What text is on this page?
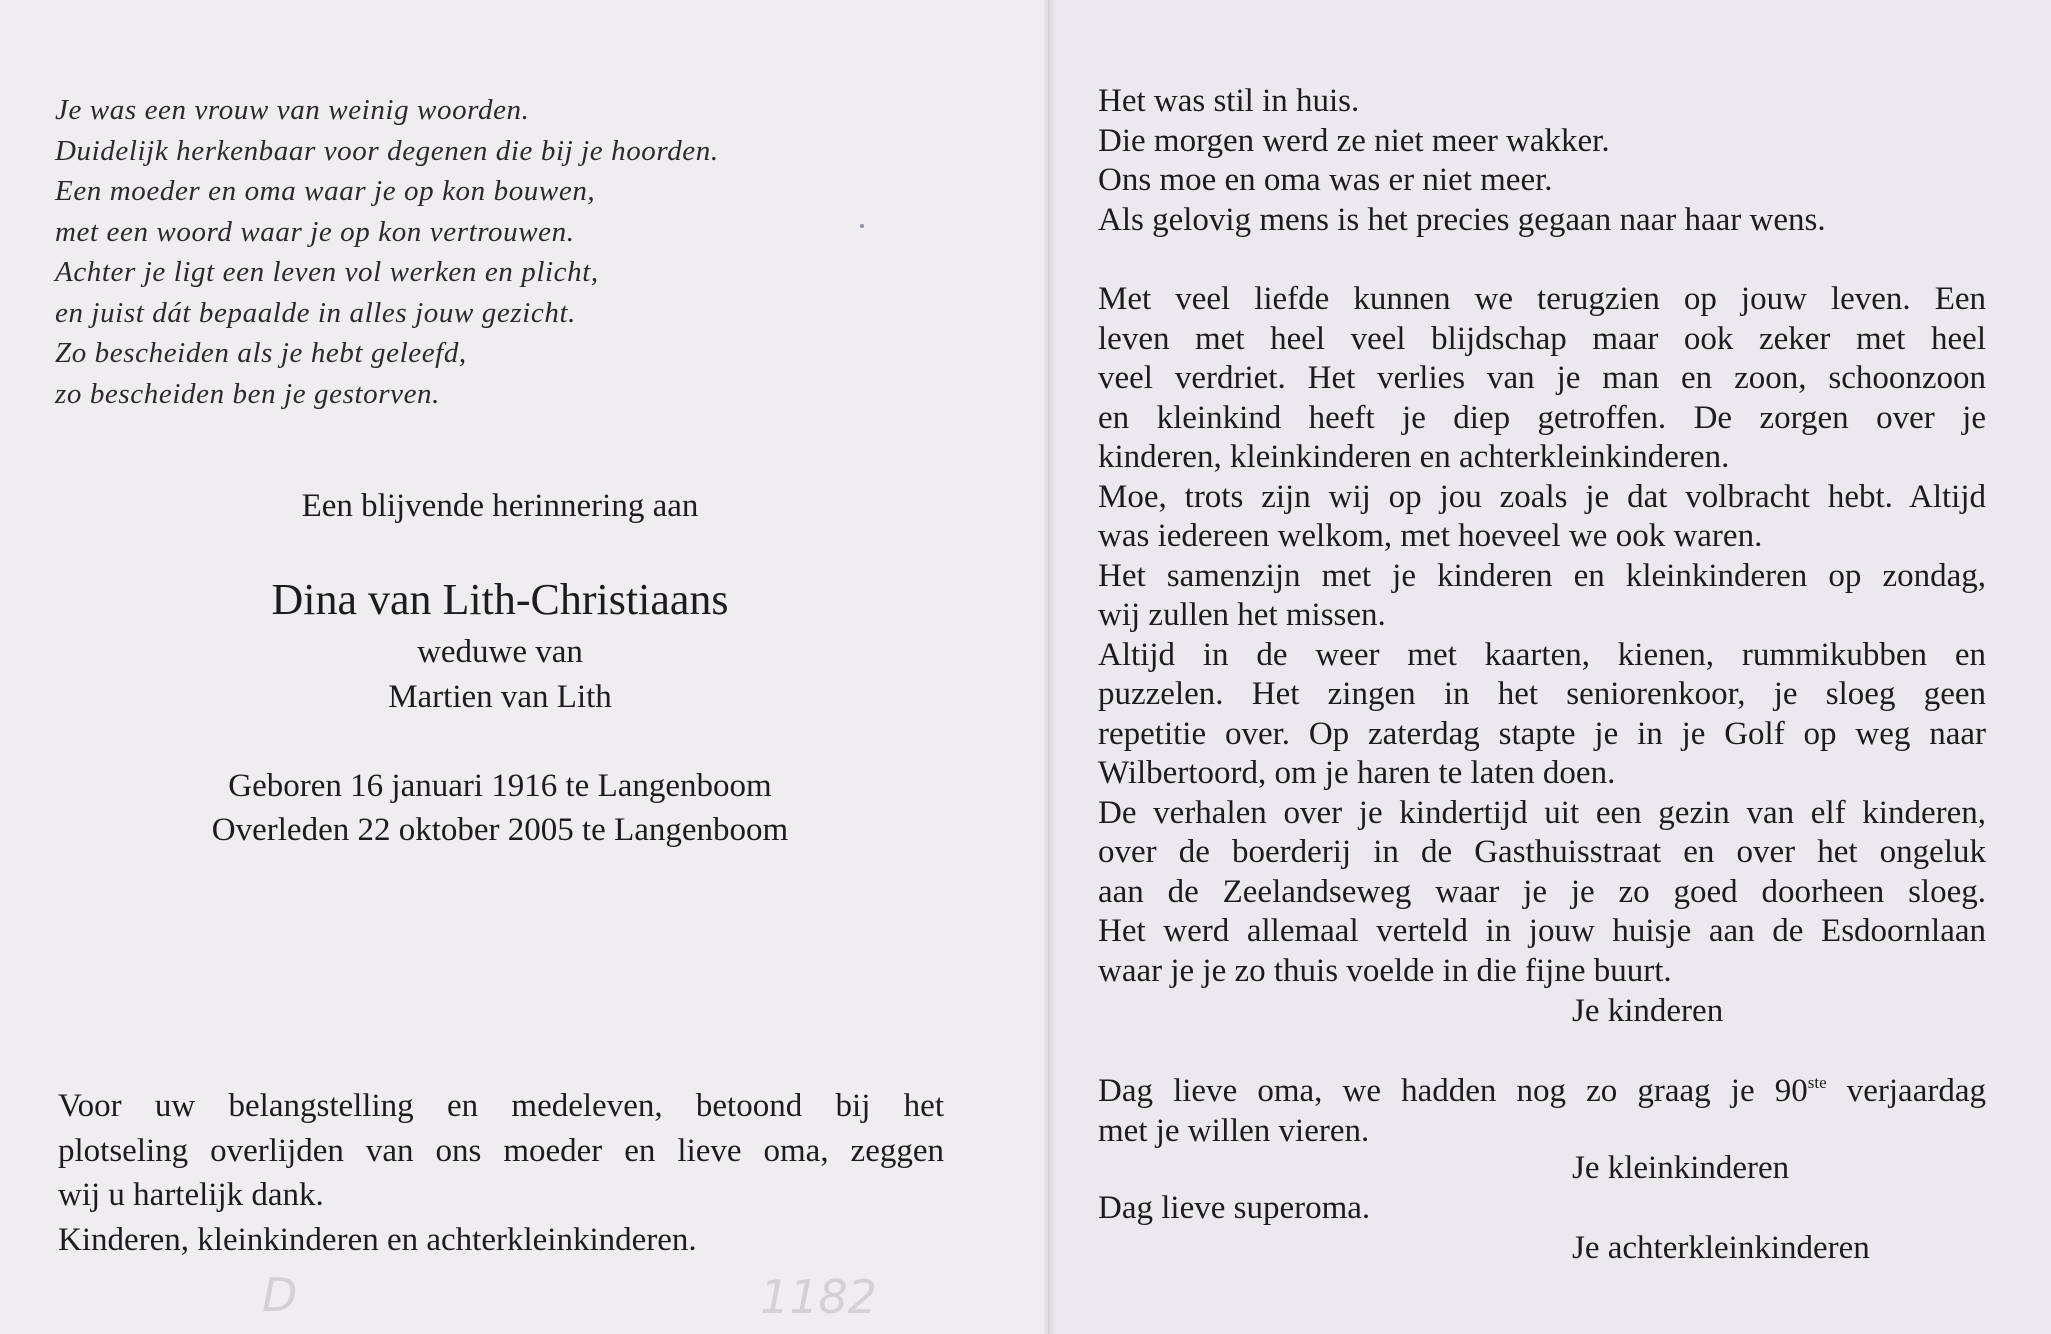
Je was een vrouw van weinig woorden.
Duidelijk herkenbaar voor degenen die bij je hoorden.
Een moeder en oma waar je op kon bouwen,
met een woord waar je op kon vertrouwen.
Achter je ligt een leven vol werken en plicht,
en juist dát bepaalde in alles jouw gezicht.
Zo bescheiden als je hebt geleefd,
zo bescheiden ben je gestorven.
Een blijvende herinnering aan
Dina van Lith-Christiaans
weduwe van
Martien van Lith
Geboren 16 januari 1916 te Langenboom
Overleden 22 oktober 2005 te Langenboom
Voor uw belangstelling en medeleven, betoond bij het
plotseling overlijden van ons moeder en lieve oma, zeggen
wij u hartelijk dank.
Kinderen, kleinkinderen en achterkleinkinderen.
Het was stil in huis.
Die morgen werd ze niet meer wakker.
Ons moe en oma was er niet meer.
Als gelovig mens is het precies gegaan naar haar wens.
Met veel liefde kunnen we terugzien op jouw leven. Een
leven met heel veel blijdschap maar ook zeker met heel
veel verdriet. Het verlies van je man en zoon, schoonzoon
en kleinkind heeft je diep getroffen. De zorgen over je
kinderen, kleinkinderen en achterkleinkinderen.
Moe, trots zijn wij op jou zoals je dat volbracht hebt. Altijd
was iedereen welkom, met hoeveel we ook waren.
Het samenzijn met je kinderen en kleinkinderen op zondag,
wij zullen het missen.
Altijd in de weer met kaarten, kienen, rummikubben en
puzzelen. Het zingen in het seniorenkoor, je sloeg geen
repetitie over. Op zaterdag stapte je in je Golf op weg naar
Wilbertoord, om je haren te laten doen.
De verhalen over je kindertijd uit een gezin van elf kinderen,
over de boerderij in de Gasthuisstraat en over het ongeluk
aan de Zeelandseweg waar je je zo goed doorheen sloeg.
Het werd allemaal verteld in jouw huisje aan de Esdoornlaan
waar je je zo thuis voelde in die fijne buurt.
Je kinderen
Dag lieve oma, we hadden nog zo graag je 90ste verjaardag
met je willen vieren.
Je kleinkinderen
Dag lieve superoma.
Je achterkleinkinderen
D	1182
